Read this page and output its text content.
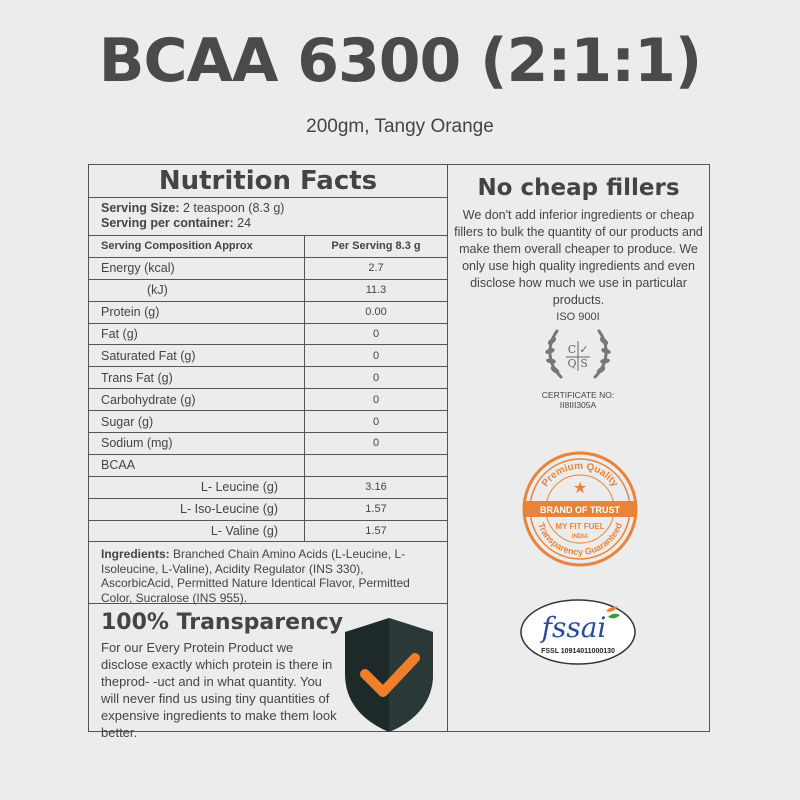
BCAA 6300 (2:1:1)
200gm, Tangy Orange
Nutrition Facts
Serving Size: 2 teaspoon (8.3 g)
Serving per container: 24
Serving Composition Approx	Per Serving 8.3 g
Energy (kcal)	2.7
(kJ)	11.3
Protein (g)	0.00
Fat (g)	0
Saturated Fat (g)	0
Trans Fat (g)	0
Carbohydrate (g)	0
Sugar (g)	0
Sodium (mg)	0
BCAA	
L- Leucine (g)	3.16
L- Iso-Leucine (g)	1.57
L- Valine (g)	1.57
Ingredients: Branched Chain Amino Acids (L-Leucine, L-Isoleucine, L-Valine), Acidity Regulator (INS 330), AscorbicAcid, Permitted Nature Identical Flavor, Permitted Color, Sucralose (INS 955).
100% Transparency
For our Every Protein Product we disclose exactly which protein is there in theprod- -uct and in what quantity. You will never find us using tiny quantities of expensive ingredients to make them look better.
No cheap fillers
We don't add inferior ingredients or cheap fillers to bulk the quantity of our products and make them overall cheaper to produce. We only use high quality ingredients and even disclose how much we use in particular products.
ISO 900I
C ✓
Q S
CERTIFICATE NO:
II8III305A
Premium Quality
Transparency Guaranteed
BRAND OF TRUST
MY FIT FUEL
INDIA
★
fssai
FSSL 10914011000130
